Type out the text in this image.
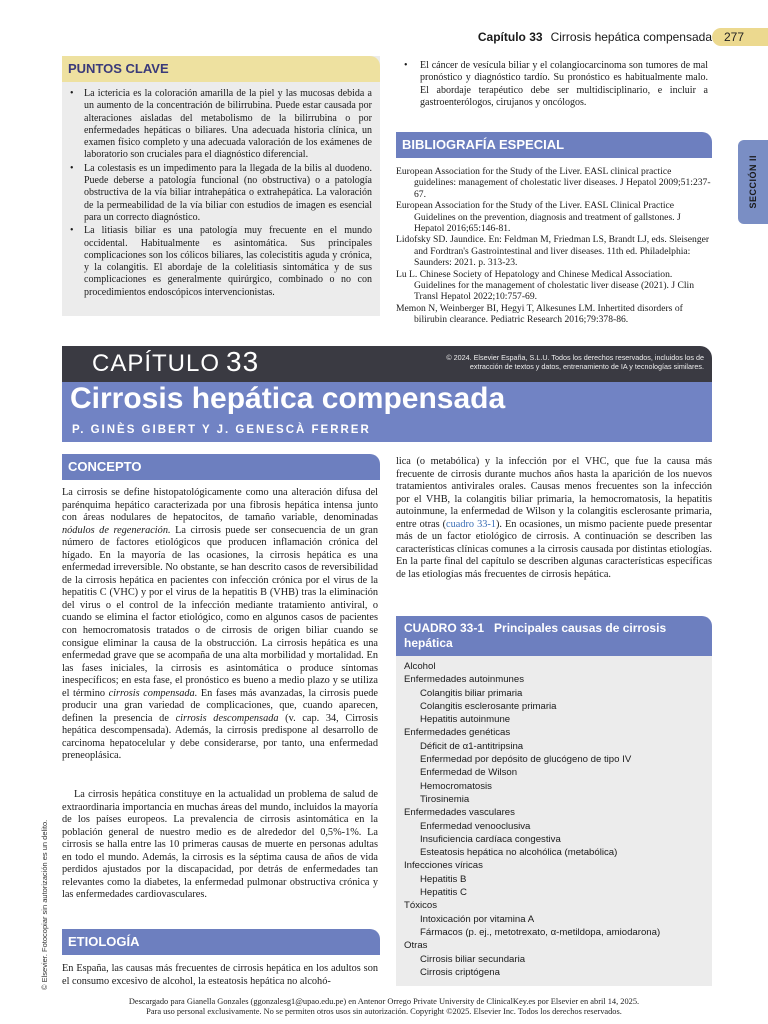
Capítulo 33 Cirrosis hepática compensada	277
SECCIÓN II
PUNTOS CLAVE
• La ictericia es la coloración amarilla de la piel y las mucosas debida a un aumento de la concentración de bilirrubina. Puede estar causada por alteraciones aisladas del metabolismo de la bilirrubina o por enfermedades hepáticas o biliares. Una adecuada historia clínica, un examen físico completo y una adecuada valoración de los exámenes de laboratorio son cruciales para el diagnóstico diferencial.
• La colestasis es un impedimento para la llegada de la bilis al duodeno. Puede deberse a patología funcional (no obstructiva) o a patología obstructiva de la vía biliar intrahepática o extrahepática. La valoración de la permeabilidad de la vía biliar con estudios de imagen es esencial para un correcto diagnóstico.
• La litiasis biliar es una patología muy frecuente en el mundo occidental. Habitualmente es asintomática. Sus principales complicaciones son los cólicos biliares, las colecistitis aguda y crónica, y la colangitis. El abordaje de la colelitiasis sintomática y de sus complicaciones es generalmente quirúrgico, combinado o no con procedimientos endoscópicos intervencionistas.
• El cáncer de vesícula biliar y el colangiocarcinoma son tumores de mal pronóstico y diagnóstico tardío. Su pronóstico es habitualmente malo. El abordaje terapéutico debe ser multidisciplinario, e incluir a gastroenterólogos, cirujanos y oncólogos.
BIBLIOGRAFÍA ESPECIAL
European Association for the Study of the Liver. EASL clinical practice guidelines: management of cholestatic liver diseases. J Hepatol 2009;51:237-67.
European Association for the Study of the Liver. EASL Clinical Practice Guidelines on the prevention, diagnosis and treatment of gallstones. J Hepatol 2016;65:146-81.
Lidofsky SD. Jaundice. En: Feldman M, Friedman LS, Brandt LJ, eds. Sleisenger and Fordtran's Gastrointestinal and liver diseases. 11th ed. Philadelphia: Saunders: 2021. p. 313-23.
Lu L. Chinese Society of Hepatology and Chinese Medical Association. Guidelines for the management of cholestatic liver disease (2021). J Clin Transl Hepatol 2022;10:757-69.
Memon N, Weinberger BI, Hegyi T, Alkesunes LM. Inhertited disorders of bilirubin clearance. Pediatric Research 2016;79:378-86.
CAPÍTULO 33	© 2024. Elsevier España, S.L.U. Todos los derechos reservados, incluidos los de extracción de textos y datos, entrenamiento de IA y tecnologías similares.
Cirrosis hepática compensada
P. GINÈS GIBERT Y J. GENESCÀ FERRER
CONCEPTO

La cirrosis se define histopatológicamente como una alteración difusa del parénquima hepático caracterizada por una fibrosis hepática intensa junto con áreas nodulares de hepatocitos, de tamaño variable, denominadas nódulos de regeneración. La cirrosis puede ser consecuencia de un gran número de factores etiológicos que producen inflamación crónica del hígado. En la mayoría de las ocasiones, la cirrosis hepática es una enfermedad irreversible. No obstante, se han descrito casos de reversibilidad de la cirrosis hepática en pacientes con infección crónica por el virus de la hepatitis C (VHC) y por el virus de la hepatitis B (VHB) tras la eliminación del virus o el control de la infección mediante tratamiento antiviral, o cuando se elimina el factor etiológico, como en algunos casos de pacientes con hemocromatosis tratados o de cirrosis de origen biliar cuando se consigue eliminar la causa de la obstrucción. La cirrosis hepática es una enfermedad grave que se acompaña de una alta morbilidad y mortalidad. En las fases iniciales, la cirrosis es asintomática o produce síntomas inespecíficos; en esta fase, el pronóstico es bueno a medio plazo y se utiliza el término cirrosis compensada. En fases más avanzadas, la cirrosis puede producir una gran variedad de complicaciones, que, cuando aparecen, definen la presencia de cirrosis descompensada (v. cap. 34, Cirrosis hepática descompensada). Además, la cirrosis predispone al desarrollo de carcinoma hepatocelular y debe considerarse, por tanto, una enfermedad preneoplásica.

La cirrosis hepática constituye en la actualidad un problema de salud de extraordinaria importancia en muchas áreas del mundo, incluidos la mayoría de los países europeos. La prevalencia de cirrosis asintomática en la población general de nuestro medio es de alrededor del 0,5%-1%. La cirrosis se halla entre las 10 primeras causas de muerte en personas adultas en todo el mundo. Además, la cirrosis es la séptima causa de años de vida perdidos ajustados por la discapacidad, por detrás de enfermedades tan relevantes como la diabetes, la enfermedad pulmonar obstructiva crónica y las enfermedades cardiovasculares.

ETIOLOGÍA

En España, las causas más frecuentes de cirrosis hepática en los adultos son el consumo excesivo de alcohol, la esteatosis hepática no alcohó-

lica (o metabólica) y la infección por el VHC, que fue la causa más frecuente de cirrosis durante muchos años hasta la aparición de los nuevos tratamientos antivirales orales. Causas menos frecuentes son la infección por el VHB, la colangitis biliar primaria, la hemocromatosis, la hepatitis autoinmune, la enfermedad de Wilson y la colangitis esclerosante primaria, entre otras (cuadro 33-1). En ocasiones, un mismo paciente puede presentar más de un factor etiológico de cirrosis. A continuación se describen las características clínicas comunes a la cirrosis causada por distintas etiologías. En la parte final del capítulo se describen algunas características específicas de las etiologías más frecuentes de cirrosis hepática.

CUADRO 33-1 Principales causas de cirrosis hepática
Alcohol
Enfermedades autoinmunes
Colangitis biliar primaria
Colangitis esclerosante primaria
Hepatitis autoinmune
Enfermedades genéticas
Déficit de α1-antitripsina
Enfermedad por depósito de glucógeno de tipo IV
Enfermedad de Wilson
Hemocromatosis
Tirosinemia
Enfermedades vasculares
Enfermedad venooclusiva
Insuficiencia cardíaca congestiva
Esteatosis hepática no alcohólica (metabólica)
Infecciones víricas
Hepatitis B
Hepatitis C
Tóxicos
Intoxicación por vitamina A
Fármacos (p. ej., metotrexato, α-metildopa, amiodarona)
Otras
Cirrosis biliar secundaria
Cirrosis criptógena
© Elsevier. Fotocopiar sin autorización es un delito.
Descargado para Gianella Gonzales (ggonzalesg1@upao.edu.pe) en Antenor Orrego Private University de ClinicalKey.es por Elsevier en abril 14, 2025.
Para uso personal exclusivamente. No se permiten otros usos sin autorización. Copyright ©2025. Elsevier Inc. Todos los derechos reservados.
